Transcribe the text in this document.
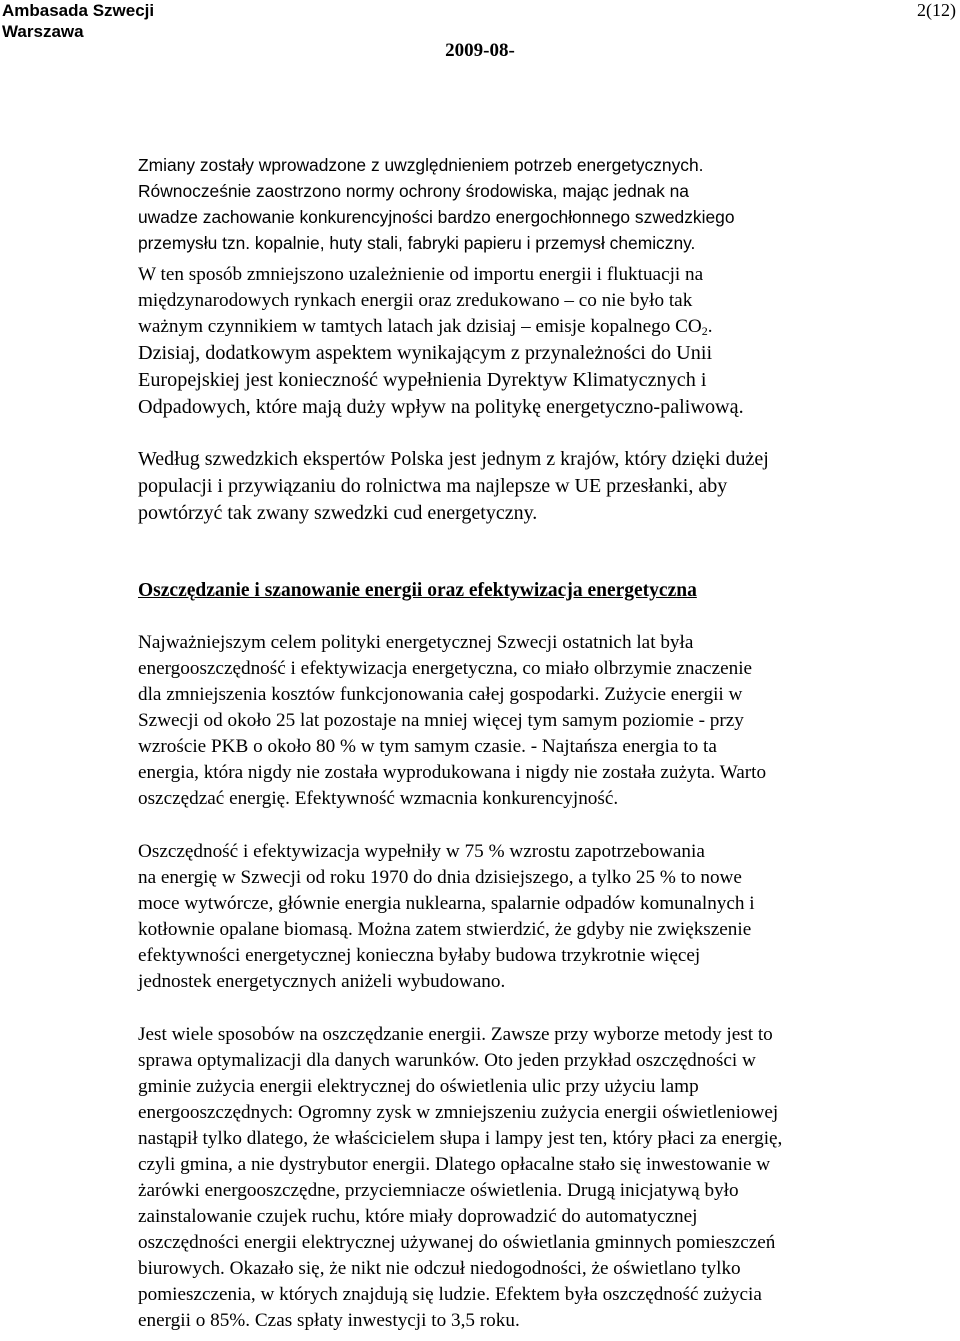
Ambasada Szwecji
Warszawa
2(12)
2009-08-

Zmiany zostały wprowadzone z uwzględnieniem potrzeb energetycznych.

Równocześnie zaostrzono normy ochrony środowiska, mając jednak na

uwadze zachowanie konkurencyjności bardzo energochłonnego szwedzkiego

przemysłu tzn. kopalnie, huty stali, fabryki papieru i przemysł chemiczny.

W ten sposób zmniejszono uzależnienie od importu energii i fluktuacji na

międzynarodowych rynkach energii oraz zredukowano – co nie było tak

ważnym czynnikiem w tamtych latach jak dzisiaj – emisje kopalnego $CO_2$.

Dzisiaj, dodatkowym aspektem wynikającym z przynależności do Unii

Europejskiej jest konieczność wypełnienia Dyrektyw Klimatycznych i

Odpadowych, które mają duży wpływ na politykę energetyczno-paliwową.

Według szwedzkich ekspertów Polska jest jednym z krajów, który dzięki dużej

populacji i przywiązaniu do rolnictwa ma najlepsze w UE przesłanki, aby

powtórzyć tak zwany szwedzki cud energetyczny.

Oszczędzanie i szanowanie energii oraz efektywizacja energetyczna

Najważniejszym celem polityki energetycznej Szwecji ostatnich lat była

energooszczędność i efektywizacja energetyczna, co miało olbrzymie znaczenie

dla zmniejszenia kosztów funkcjonowania całej gospodarki. Zużycie energii w

Szwecji od około 25 lat pozostaje na mniej więcej tym samym poziomie - przy

wzroście PKB o około 80 % w tym samym czasie. - Najtańsza energia to ta

energia, która nigdy nie została wyprodukowana i nigdy nie została zużyta. Warto

oszczędzać energię. Efektywność wzmacnia konkurencyjność.

Oszczędność i efektywizacja wypełniły w 75 % wzrostu zapotrzebowania

na energię w Szwecji od roku 1970 do dnia dzisiejszego, a tylko 25 % to nowe

moce wytwórcze, głównie energia nuklearna, spalarnie odpadów komunalnych i

kotłownie opalane biomasą. Można zatem stwierdzić, że gdyby nie zwiększenie

efektywności energetycznej konieczna byłaby budowa trzykrotnie więcej

jednostek energetycznych aniżeli wybudowano.

Jest wiele sposobów na oszczędzanie energii. Zawsze przy wyborze metody jest to

sprawa optymalizacji dla danych warunków. Oto jeden przykład oszczędności w

gminie zużycia energii elektrycznej do oświetlenia ulic przy użyciu lamp

energooszczędnych: Ogromny zysk w zmniejszeniu zużycia energii oświetleniowej

nastąpił tylko dlatego, że właścicielem słupa i lampy jest ten, który płaci za energię,

czyli gmina, a nie dystrybutor energii. Dlatego opłacalne stało się inwestowanie w

żarówki energooszczędne, przyciemniacze oświetlenia. Drugą inicjatywą było

zainstalowanie czujek ruchu, które miały doprowadzić do automatycznej

oszczędności energii elektrycznej używanej do oświetlania gminnych pomieszczeń

biurowych. Okazało się, że nikt nie odczuł niedogodności, że oświetlano tylko

pomieszczenia, w których znajdują się ludzie. Efektem była oszczędność zużycia

energii o 85%. Czas spłaty inwestycji to 3,5 roku.
